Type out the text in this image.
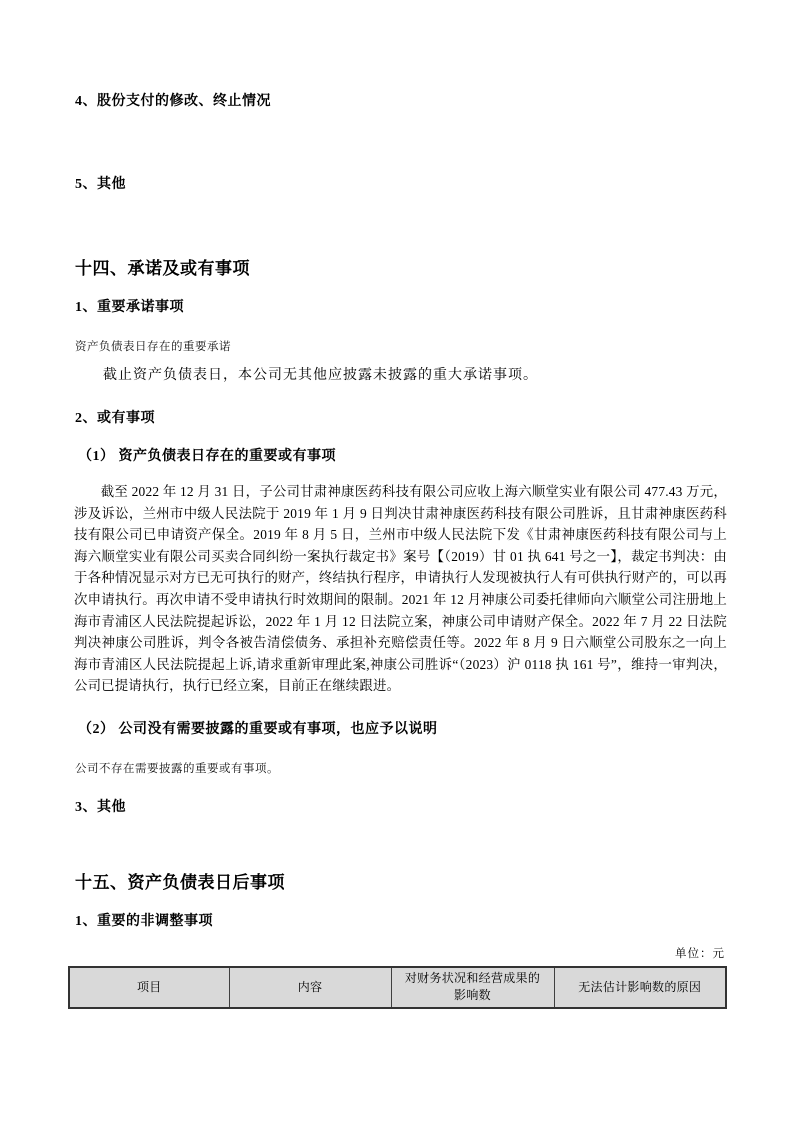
4、股份支付的修改、终止情况
5、其他
十四、承诺及或有事项
1、重要承诺事项
资产负债表日存在的重要承诺
截止资产负债表日，本公司无其他应披露未披露的重大承诺事项。
2、或有事项
（1） 资产负债表日存在的重要或有事项
截至 2022 年 12 月 31 日，子公司甘肃神康医药科技有限公司应收上海六顺堂实业有限公司 477.43 万元，涉及诉讼，兰州市中级人民法院于 2019 年 1 月 9 日判决甘肃神康医药科技有限公司胜诉，且甘肃神康医药科技有限公司已申请资产保全。2019 年 8 月 5 日，兰州市中级人民法院下发《甘肃神康医药科技有限公司与上海六顺堂实业有限公司买卖合同纠纷一案执行裁定书》案号【（2019）甘 01 执 641 号之一】，裁定书判决：由于各种情况显示对方已无可执行的财产，终结执行程序，申请执行人发现被执行人有可供执行财产的，可以再次申请执行。再次申请不受申请执行时效期间的限制。2021 年 12 月神康公司委托律师向六顺堂公司注册地上海市青浦区人民法院提起诉讼，2022 年 1 月 12 日法院立案，神康公司申请财产保全。2022 年 7 月 22 日法院判决神康公司胜诉，判令各被告清偿债务、承担补充赔偿责任等。2022 年 8 月 9 日六顺堂公司股东之一向上海市青浦区人民法院提起上诉,请求重新审理此案,神康公司胜诉“（2023）沪 0118 执 161 号”，维持一审判决，公司已提请执行，执行已经立案，目前正在继续跟进。
（2） 公司没有需要披露的重要或有事项，也应予以说明
公司不存在需要披露的重要或有事项。
3、其他
十五、资产负债表日后事项
1、重要的非调整事项
单位：元
项目	内容	对财务状况和经营成果的影响数	无法估计影响数的原因
